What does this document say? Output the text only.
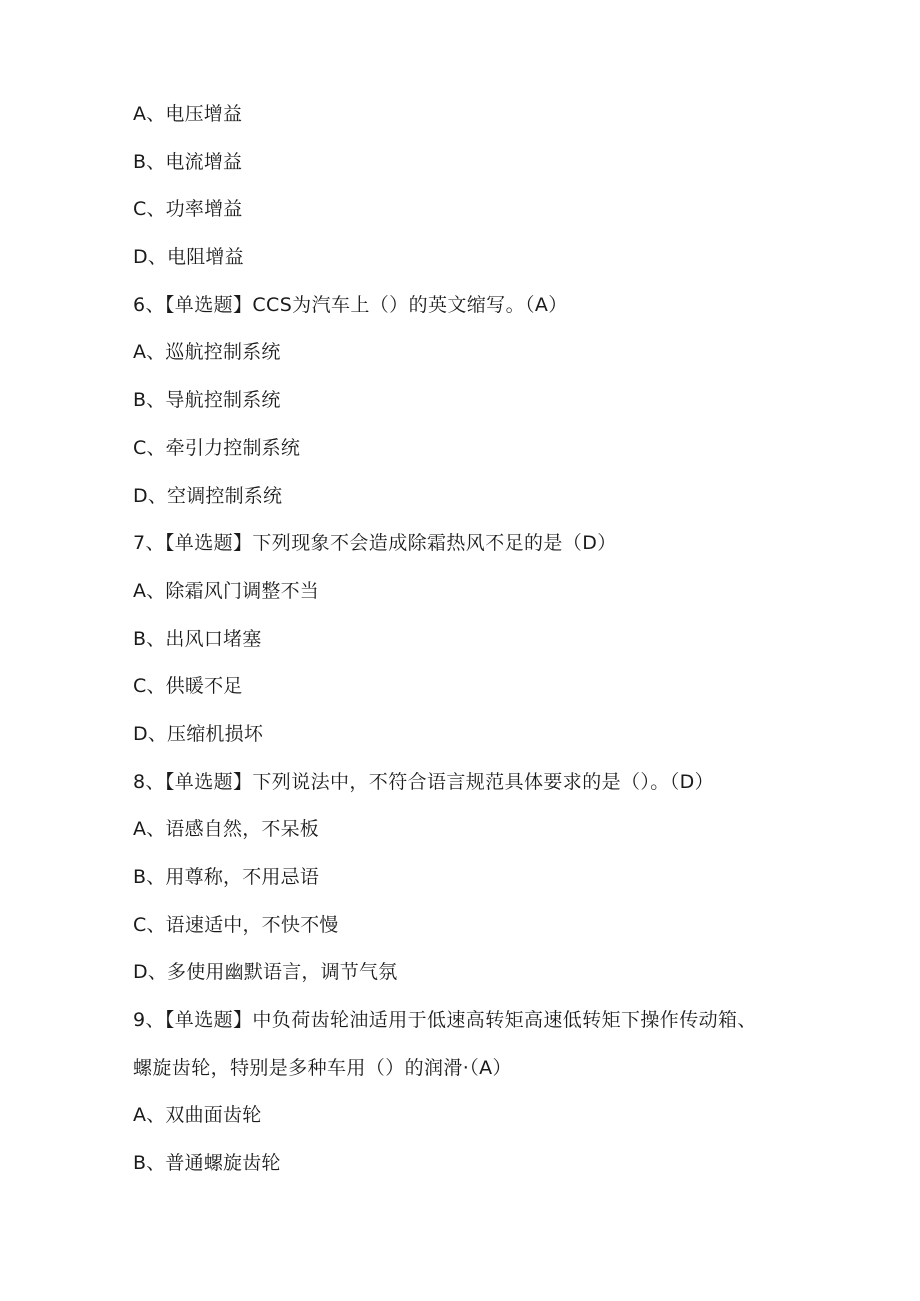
A、电压增益
B、电流增益
C、功率增益
D、电阻增益
6、【单选题】CCS为汽车上（）的英文缩写。（A）
A、巡航控制系统
B、导航控制系统
C、牵引力控制系统
D、空调控制系统
7、【单选题】下列现象不会造成除霜热风不足的是（D）
A、除霜风门调整不当
B、出风口堵塞
C、供暖不足
D、压缩机损坏
8、【单选题】下列说法中，不符合语言规范具体要求的是（）。（D）
A、语感自然，不呆板
B、用尊称，不用忌语
C、语速适中，不快不慢
D、多使用幽默语言，调节气氛
9、【单选题】中负荷齿轮油适用于低速高转矩高速低转矩下操作传动箱、
螺旋齿轮，特别是多种车用（）的润滑·（A）
A、双曲面齿轮
B、普通螺旋齿轮
